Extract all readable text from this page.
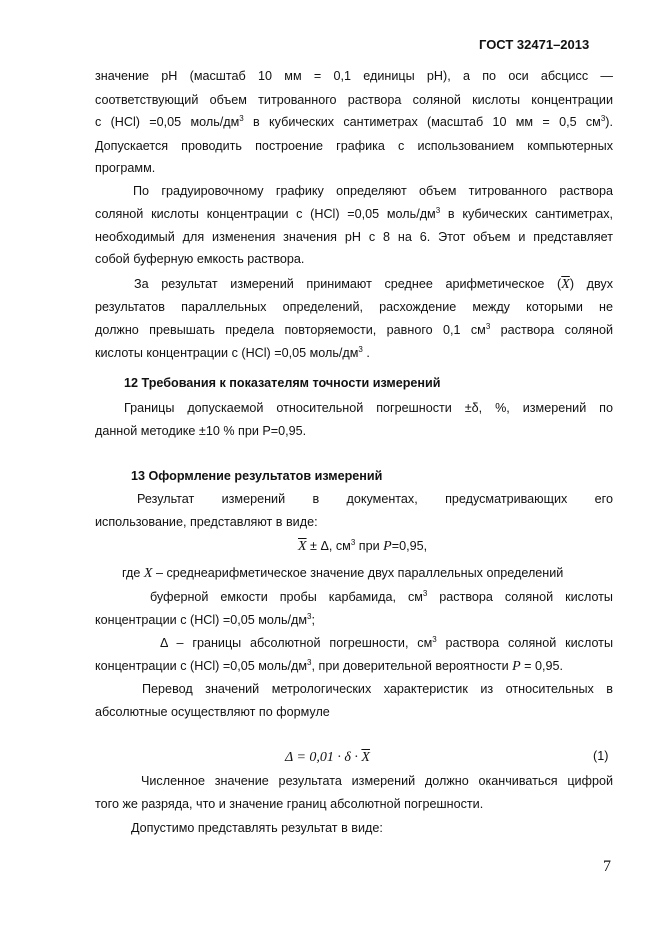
ГОСТ 32471–2013
значение pH (масштаб 10 мм = 0,1 единицы pH), а по оси абсцисс —
соответствующий объем титрованного раствора соляной кислоты концентрации
с (HCl) =0,05 моль/$дм^3$ в кубических сантиметрах (масштаб 10 мм = 0,5 $см^3$).
Допускается проводить построение графика с использованием компьютерных
программ.
По градуировочному графику определяют объем титрованного раствора
соляной кислоты концентрации с (HCl) =0,05 моль/$дм^3$ в кубических сантиметрах,
необходимый для изменения значения pH с 8 на 6. Этот объем и представляет
собой буферную емкость раствора.
За результат измерений принимают среднее арифметическое $(\overline{X})$ двух
результатов параллельных определений, расхождение между которыми не
должно превышать предела повторяемости, равного 0,1 $см^3$ раствора соляной
кислоты концентрации с (HCl) =0,05 моль/$дм^3$ .
12 Требования к показателям точности измерений
Границы допускаемой относительной погрешности ±δ, %, измерений по
данной методике ±10 % при P=0,95.
13 Оформление результатов измерений
Результат измерений в документах, предусматривающих его
использование, представляют в виде:
$\overline{X} \pm \Delta$, $см^3$ при P=0,95,
где X – среднеарифметическое значение двух параллельных определений
буферной емкости пробы карбамида, $см^3$ раствора соляной кислоты
концентрации с (HCl) =0,05 моль/$дм^3$;
Δ – границы абсолютной погрешности, $см^3$ раствора соляной кислоты
концентрации с (HCl) =0,05 моль/$дм^3$, при доверительной вероятности P = 0,95.
Перевод значений метрологических характеристик из относительных в
абсолютные осуществляют по формуле
$\Delta = 0,01 \cdot \delta \cdot \overline{X}$
Численное значение результата измерений должно оканчиваться цифрой
того же разряда, что и значение границ абсолютной погрешности.
Допустимо представлять результат в виде:
(1)
7
